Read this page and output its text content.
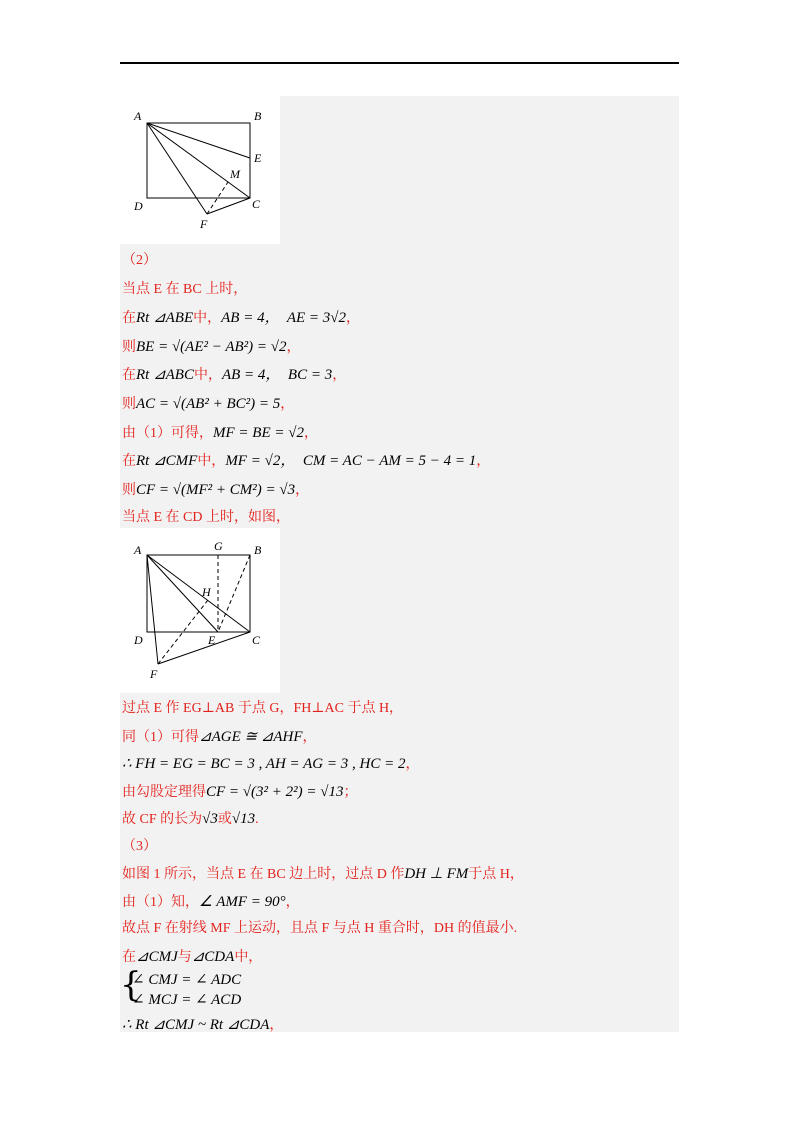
A	B
E
M
D	C
F
（2）
当点 E 在 BC 上时，
在Rt ⊿ABE中，AB = 4，  AE = 3√2，
则BE = √(AE² − AB²) = √2，
在Rt ⊿ABC中，AB = 4，  BC = 3，
则AC = √(AB² + BC²) = 5，
由（1）可得，MF = BE = √2，
在Rt ⊿CMF中，MF = √2，  CM = AC − AM = 5 − 4 = 1，
则CF = √(MF² + CM²) = √3，
当点 E 在 CD 上时，如图，
A	G	B
H
D	E	C
F
过点 E 作 EG⊥AB 于点 G，FH⊥AC 于点 H，
同（1）可得⊿AGE ≅ ⊿AHF，
∴ FH = EG = BC = 3 , AH = AG = 3 , HC = 2，
由勾股定理得CF = √(3² + 2²) = √13；
故 CF 的长为√3或√13.
（3）
如图 1 所示，当点 E 在 BC 边上时，过点 D 作DH ⊥ FM于点 H，
由（1）知，∠ AMF = 90°，
故点 F 在射线 MF 上运动，且点 F 与点 H 重合时，DH 的值最小.
在⊿CMJ与⊿CDA中，
{
∠ CMJ = ∠ ADC
∠ MCJ = ∠ ACD
∴ Rt ⊿CMJ ~ Rt ⊿CDA，
